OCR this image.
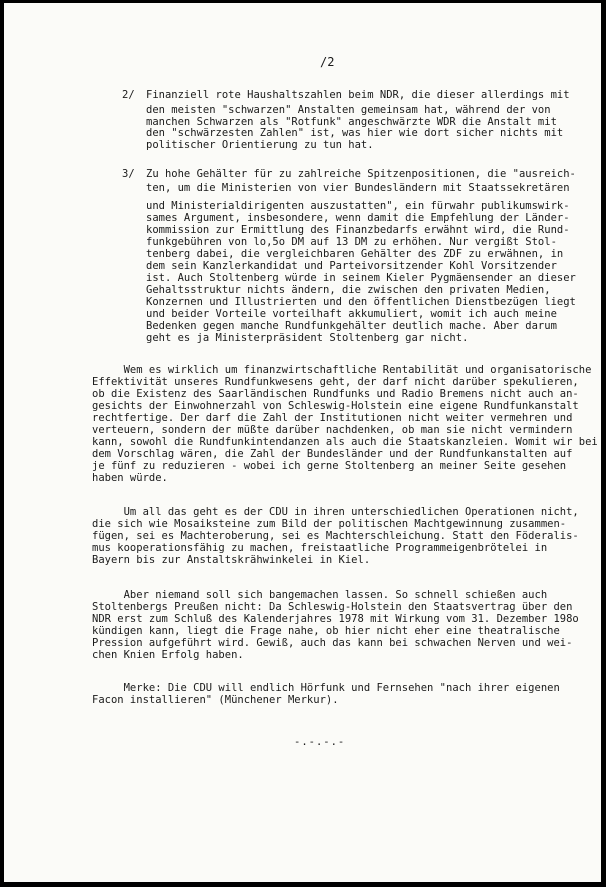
/2
2/ Finanziell rote Haushaltszahlen beim NDR, die dieser allerdings mit
den meisten "schwarzen" Anstalten gemeinsam hat, während der von
manchen Schwarzen als "Rotfunk" angeschwärzte WDR die Anstalt mit
den "schwärzesten Zahlen" ist, was hier wie dort sicher nichts mit
politischer Orientierung zu tun hat.
3/ Zu hohe Gehälter für zu zahlreiche Spitzenpositionen, die "ausreich-
ten, um die Ministerien von vier Bundesländern mit Staatssekretären
und Ministerialdirigenten auszustatten", ein fürwahr publikumswirk-
sames Argument, insbesondere, wenn damit die Empfehlung der Länder-
kommission zur Ermittlung des Finanzbedarfs erwähnt wird, die Rund-
funkgebühren von lo,5o DM auf 13 DM zu erhöhen. Nur vergißt Stol-
tenberg dabei, die vergleichbaren Gehälter des ZDF zu erwähnen, in
dem sein Kanzlerkandidat und Parteivorsitzender Kohl Vorsitzender
ist. Auch Stoltenberg würde in seinem Kieler Pygmäensender an dieser
Gehaltsstruktur nichts ändern, die zwischen den privaten Medien,
Konzernen und Illustrierten und den öffentlichen Dienstbezügen liegt
und beider Vorteile vorteilhaft akkumuliert, womit ich auch meine
Bedenken gegen manche Rundfunkgehälter deutlich mache. Aber darum
geht es ja Ministerpräsident Stoltenberg gar nicht.
Wem es wirklich um finanzwirtschaftliche Rentabilität und organisatorische
Effektivität unseres Rundfunkwesens geht, der darf nicht darüber spekulieren,
ob die Existenz des Saarländischen Rundfunks und Radio Bremens nicht auch an-
gesichts der Einwohnerzahl von Schleswig-Holstein eine eigene Rundfunkanstalt
rechtfertige. Der darf die Zahl der Institutionen nicht weiter vermehren und
verteuern, sondern der müßte darüber nachdenken, ob man sie nicht vermindern
kann, sowohl die Rundfunkintendanzen als auch die Staatskanzleien. Womit wir bei
dem Vorschlag wären, die Zahl der Bundesländer und der Rundfunkanstalten auf
je fünf zu reduzieren - wobei ich gerne Stoltenberg an meiner Seite gesehen
haben würde.
Um all das geht es der CDU in ihren unterschiedlichen Operationen nicht,
die sich wie Mosaiksteine zum Bild der politischen Machtgewinnung zusammen-
fügen, sei es Machteroberung, sei es Machterschleichung. Statt den Föderalis-
mus kooperationsfähig zu machen, freistaatliche Programmeigenbrötelei in
Bayern bis zur Anstaltskrähwinkelei in Kiel.
Aber niemand soll sich bangemachen lassen. So schnell schießen auch
Stoltenbergs Preußen nicht: Da Schleswig-Holstein den Staatsvertrag über den
NDR erst zum Schluß des Kalenderjahres 1978 mit Wirkung vom 31. Dezember 198o
kündigen kann, liegt die Frage nahe, ob hier nicht eher eine theatralische
Pression aufgeführt wird. Gewiß, auch das kann bei schwachen Nerven und wei-
chen Knien Erfolg haben.
Merke: Die CDU will endlich Hörfunk und Fernsehen "nach ihrer eigenen
Facon installieren" (Münchener Merkur).
-.-.-.-
